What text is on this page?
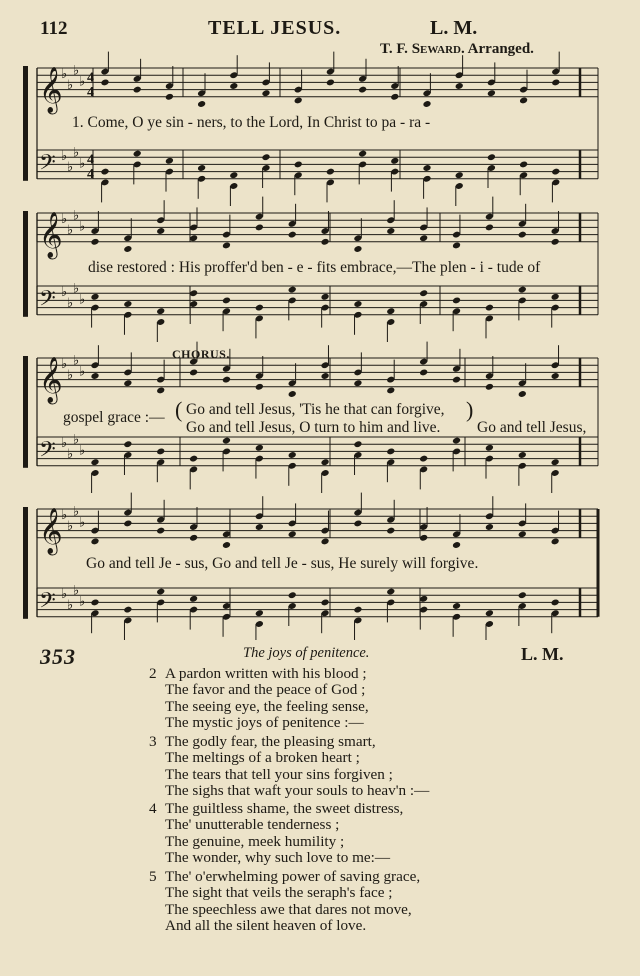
112	TELL JESUS.	L. M.
T. F. Seward. Arranged.
𝄞
♭
♭
♭
♭ 4
4
𝄢 ♭
♭
♭
♭ 4
4
𝄞
♭
♭
♭
♭
𝄢 ♭
♭
♭
♭
𝄞
♭
♭
♭
♭
𝄢 ♭
♭
♭
♭
𝄞
♭
♭
♭
♭
𝄢 ♭
♭
♭
♭
1. Come, O ye sin - ners, to the Lord, In Christ to pa - ra -
dise restored : His proffer'd ben - e - fits embrace,—The plen - i - tude of
CHORUS.
gospel grace :— ( Go and tell Jesus, 'Tis he that can forgive,
Go and tell Jesus, O turn to him and live.
)
Go and tell Jesus,
Go and tell Je - sus, Go and tell Je - sus, He surely will forgive.
353	The joys of penitence.	L. M.
2 A pardon written with his blood ;
The favor and the peace of God ;
The seeing eye, the feeling sense,
The mystic joys of penitence :—
3 The godly fear, the pleasing smart,
The meltings of a broken heart ;
The tears that tell your sins forgiven ;
The sighs that waft your souls to heav'n :—
4 The guiltless shame, the sweet distress,
The' unutterable tenderness ;
The genuine, meek humility ;
The wonder, why such love to me:—
5 The' o'erwhelming power of saving grace,
The sight that veils the seraph's face ;
The speechless awe that dares not move,
And all the silent heaven of love.
